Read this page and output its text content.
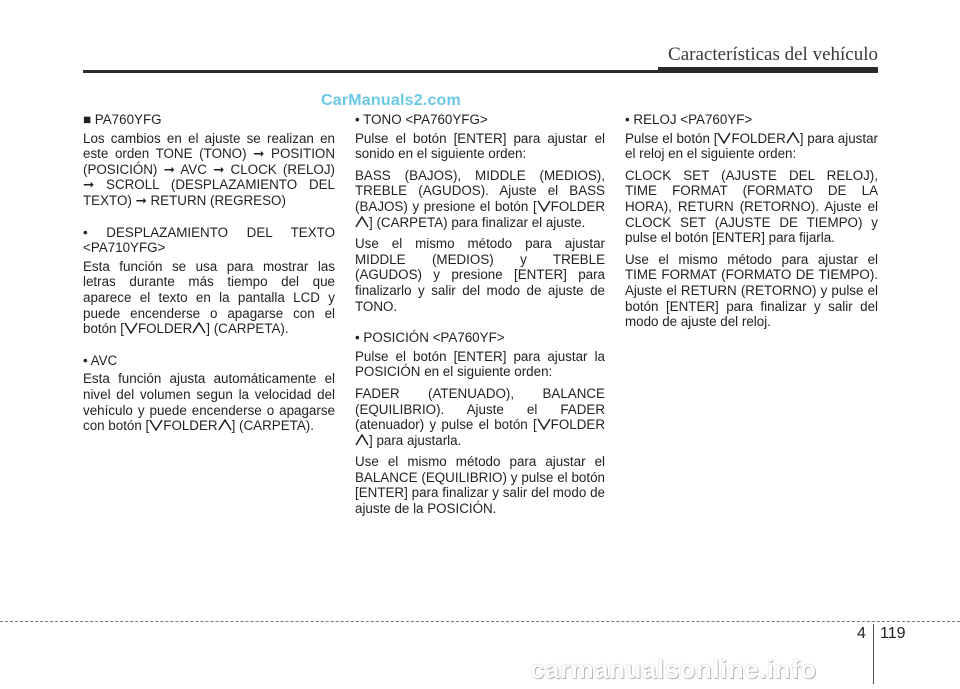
Características del vehículo
CarManuals2.com

■ PA760YFG

Los cambios en el ajuste se realizan en este orden TONE (TONO) ➞ POSITION (POSICIÓN) ➞ AVC ➞ CLOCK (RELOJ) ➞ SCROLL (DESPLAZAMIENTO DEL TEXTO) ➞ RETURN (REGRESO)

• DESPLAZAMIENTO DEL TEXTO <PA710YFG>

Esta función se usa para mostrar las letras durante más tiempo del que aparece el texto en la pantalla LCD y puede encenderse o apagarse con el botón [ FOLDER ] (CARPETA).

• AVC

Esta función ajusta automáticamente el nivel del volumen segun la velocidad del vehículo y puede encenderse o apagarse con botón [ FOLDER ] (CARPETA).

• TONO <PA760YFG>

Pulse el botón [ENTER] para ajustar el sonido en el siguiente orden:

BASS (BAJOS), MIDDLE (MEDIOS), TREBLE (AGUDOS). Ajuste el BASS (BAJOS) y presione el botón [ FOLDER] (CARPETA) para finalizar el ajuste.

Use el mismo método para ajustar MIDDLE (MEDIOS) y TREBLE (AGUDOS) y presione [ENTER] para finalizarlo y salir del modo de ajuste de TONO.

• POSICIÓN <PA760YF>

Pulse el botón [ENTER] para ajustar la POSICIÓN en el siguiente orden:

FADER (ATENUADO), BALANCE (EQUILIBRIO). Ajuste el FADER (atenuador) y pulse el botón [ FOLDER] para ajustarla.

Use el mismo método para ajustar el BALANCE (EQUILIBRIO) y pulse el botón [ENTER] para finalizar y salir del modo de ajuste de la POSICIÓN.

• RELOJ <PA760YF>

Pulse el botón [ FOLDER ] para ajustar el reloj en el siguiente orden:

CLOCK SET (AJUSTE DEL RELOJ), TIME FORMAT (FORMATO DE LA HORA), RETURN (RETORNO). Ajuste el CLOCK SET (AJUSTE DE TIEMPO) y pulse el botón [ENTER] para fijarla.

Use el mismo método para ajustar el TIME FORMAT (FORMATO DE TIEMPO). Ajuste el RETURN (RETORNO) y pulse el botón [ENTER] para finalizar y salir del modo de ajuste del reloj.

4 119
carmanualsonline.info
